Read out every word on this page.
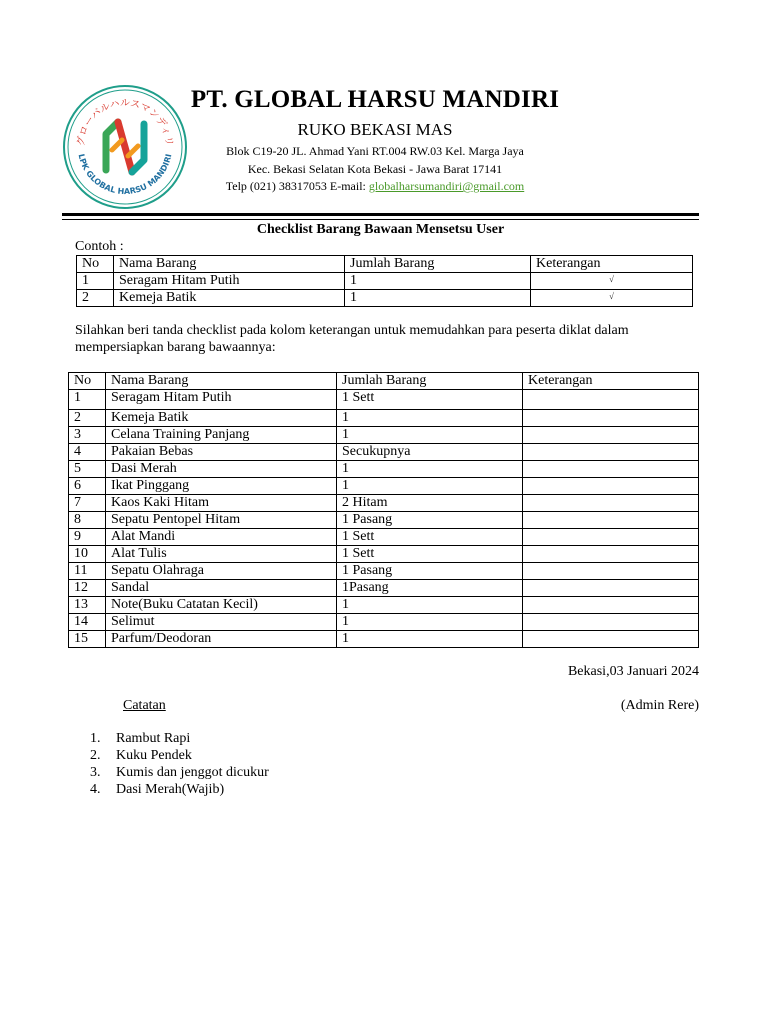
グローバルハルスマンディリ
LPK GLOBAL HARSU MANDIRI
PT. GLOBAL HARSU MANDIRI
RUKO BEKASI MAS
Blok C19-20 JL. Ahmad Yani RT.004 RW.03 Kel. Marga Jaya
Kec. Bekasi Selatan Kota Bekasi - Jawa Barat 17141
Telp (021) 38317053 E-mail: globalharsumandiri@gmail.com
Checklist Barang Bawaan Mensetsu User
Contoh :
No	Nama Barang	Jumlah Barang	Keterangan
1	Seragam Hitam Putih	1	√
2	Kemeja Batik	1	√
Silahkan beri tanda checklist pada kolom keterangan untuk memudahkan para peserta diklat dalam mempersiapkan barang bawaannya:
No	Nama Barang	Jumlah Barang	Keterangan
1	Seragam Hitam Putih	1 Sett	
2	Kemeja Batik	1	
3	Celana Training Panjang	1	
4	Pakaian Bebas	Secukupnya	
5	Dasi Merah	1	
6	Ikat Pinggang	1	
7	Kaos Kaki Hitam	2 Hitam	
8	Sepatu Pentopel Hitam	1 Pasang	
9	Alat Mandi	1 Sett	
10	Alat Tulis	1 Sett	
11	Sepatu Olahraga	1 Pasang	
12	Sandal	1Pasang	
13	Note(Buku Catatan Kecil)	1	
14	Selimut	1	
15	Parfum/Deodoran	1	
Bekasi,03 Januari 2024
Catatan	(Admin Rere)
1. Rambut Rapi
2. Kuku Pendek
3. Kumis dan jenggot dicukur
4. Dasi Merah(Wajib)
